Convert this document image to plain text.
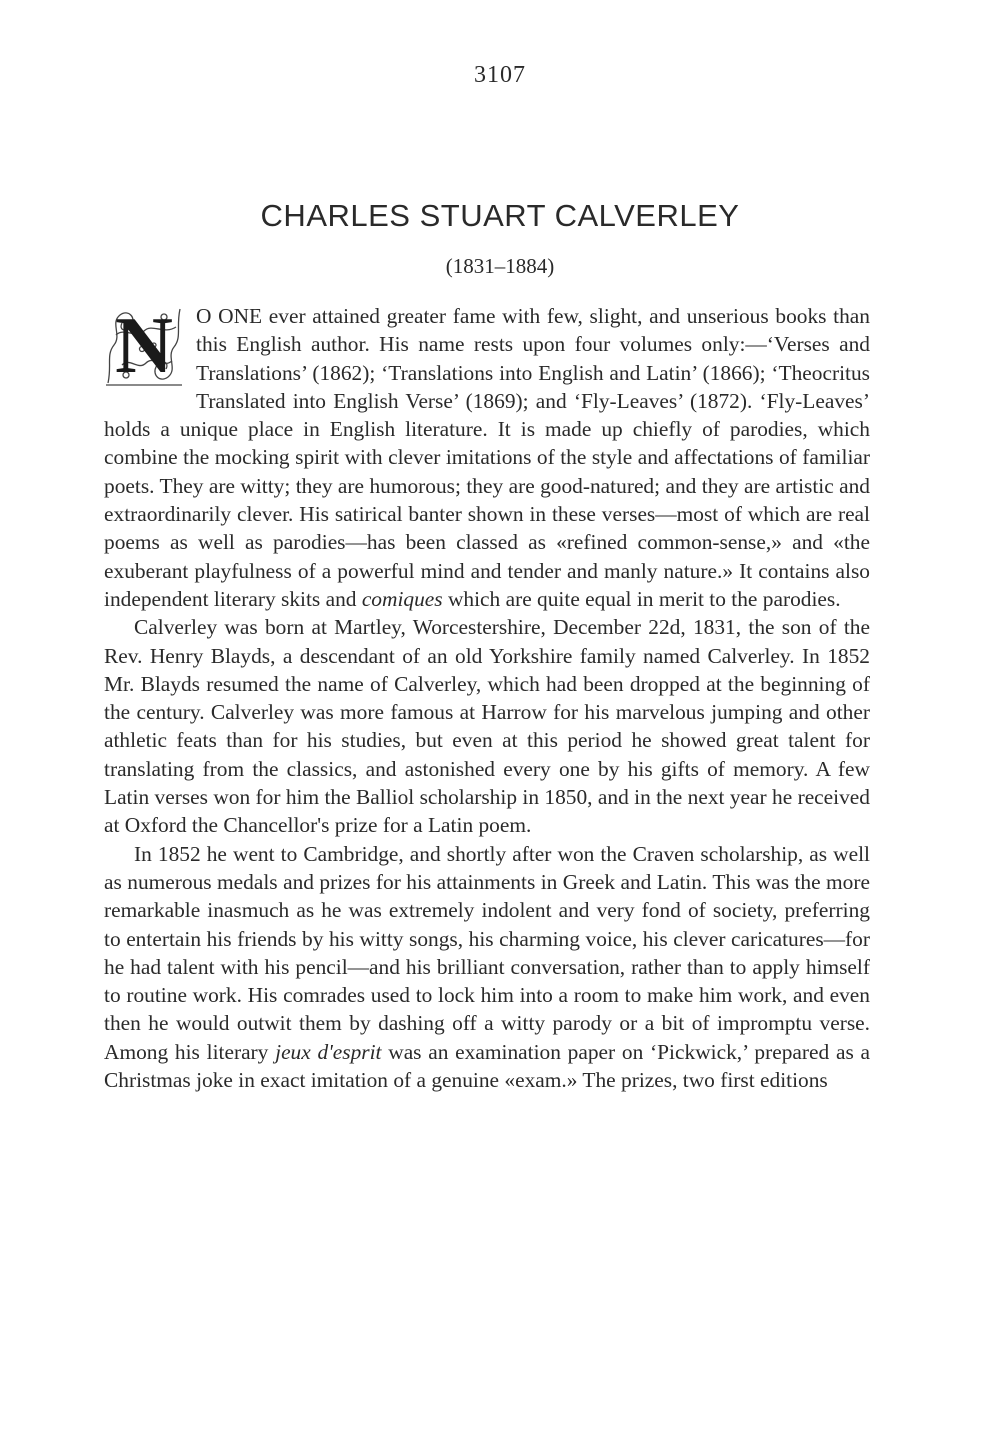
3107
CHARLES STUART CALVERLEY
(1831–1884)

N	O ONE ever attained greater fame with few, slight, and unserious books than this English author. His name rests upon four volumes only:—‘Verses and Translations’ (1862); ‘Translations into English and Latin’ (1866); ‘Theocritus Translated into English Verse’ (1869); and ‘Fly-Leaves’ (1872). ‘Fly-Leaves’ holds a unique place in English literature. It is made up chiefly of parodies, which combine the mocking spirit with clever imitations of the style and affectations of familiar poets. They are witty; they are humorous; they are good-natured; and they are artistic and extraordinarily clever. His satirical banter shown in these verses—most of which are real poems as well as parodies—has been classed as «refined common-sense,» and «the exuberant playfulness of a powerful mind and tender and manly nature.» It contains also independent literary skits and comiques which are quite equal in merit to the parodies.

Calverley was born at Martley, Worcestershire, December 22d, 1831, the son of the Rev. Henry Blayds, a descendant of an old Yorkshire family named Calverley. In 1852 Mr. Blayds resumed the name of Calverley, which had been dropped at the beginning of the century. Calverley was more famous at Harrow for his marvelous jumping and other athletic feats than for his studies, but even at this period he showed great talent for translating from the classics, and astonished every one by his gifts of memory. A few Latin verses won for him the Balliol scholarship in 1850, and in the next year he received at Oxford the Chancellor's prize for a Latin poem.

In 1852 he went to Cambridge, and shortly after won the Craven scholarship, as well as numerous medals and prizes for his attainments in Greek and Latin. This was the more remarkable inasmuch as he was extremely indolent and very fond of society, preferring to entertain his friends by his witty songs, his charming voice, his clever caricatures—for he had talent with his pencil—and his brilliant conversation, rather than to apply himself to routine work. His comrades used to lock him into a room to make him work, and even then he would outwit them by dashing off a witty parody or a bit of impromptu verse. Among his literary jeux d'esprit was an examination paper on ‘Pickwick,’ prepared as a Christmas joke in exact imitation of a genuine «exam.» The prizes, two first editions
